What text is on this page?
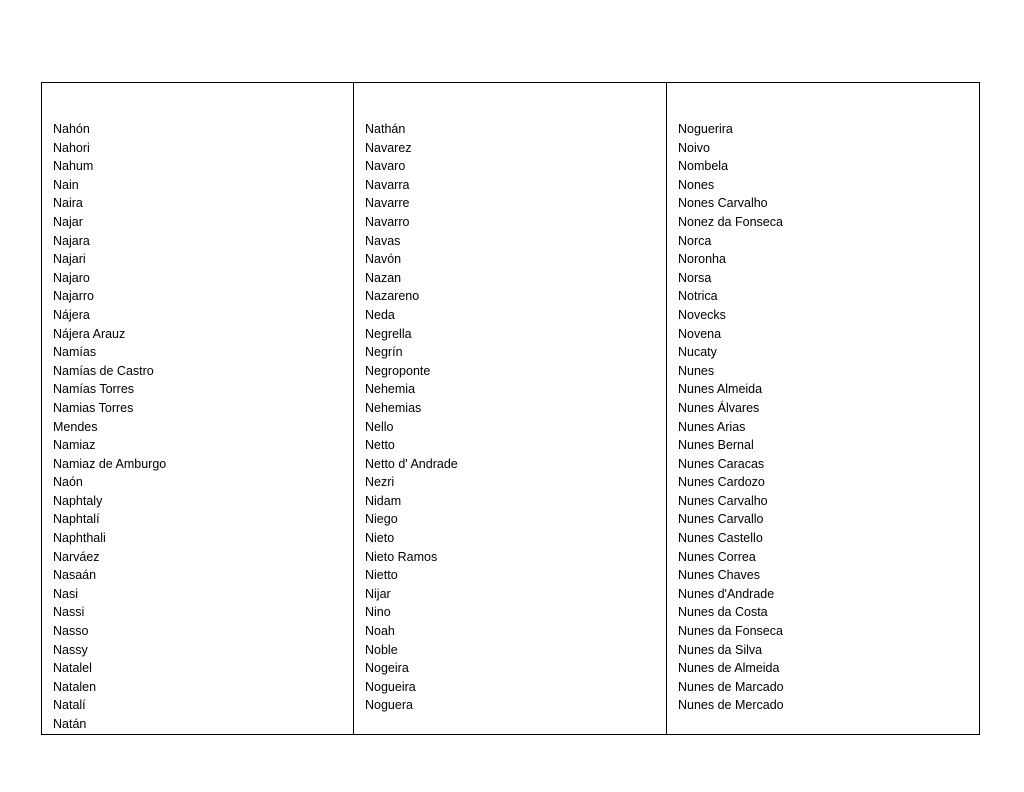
Nahón
Nahori
Nahum
Nain
Naira
Najar
Najara
Najari
Najaro
Najarro
Nájera
Nájera Arauz
Namías
Namías de Castro
Namías Torres
Namias Torres
Mendes
Namiaz
Namiaz de Amburgo
Naón
Naphtaly
Naphtalí
Naphthali
Narváez
Nasaán
Nasi
Nassi
Nasso
Nassy
Natalel
Natalen
Natalí
Natán
Nathán
Navarez
Navaro
Navarra
Navarre
Navarro
Navas
Navón
Nazan
Nazareno
Neda
Negrella
Negrín
Negroponte
Nehemia
Nehemias
Nello
Netto
Netto d' Andrade
Nezri
Nidam
Niego
Nieto
Nieto Ramos
Nietto
Nijar
Nino
Noah
Noble
Nogeira
Nogueira
Noguera
Noguerira
Noivo
Nombela
Nones
Nones Carvalho
Nonez da Fonseca
Norca
Noronha
Norsa
Notrica
Novecks
Novena
Nucaty
Nunes
Nunes Almeida
Nunes Álvares
Nunes Arias
Nunes Bernal
Nunes Caracas
Nunes Cardozo
Nunes Carvalho
Nunes Carvallo
Nunes Castello
Nunes Correa
Nunes Chaves
Nunes d'Andrade
Nunes da Costa
Nunes da Fonseca
Nunes da Silva
Nunes de Almeida
Nunes de Marcado
Nunes de Mercado
